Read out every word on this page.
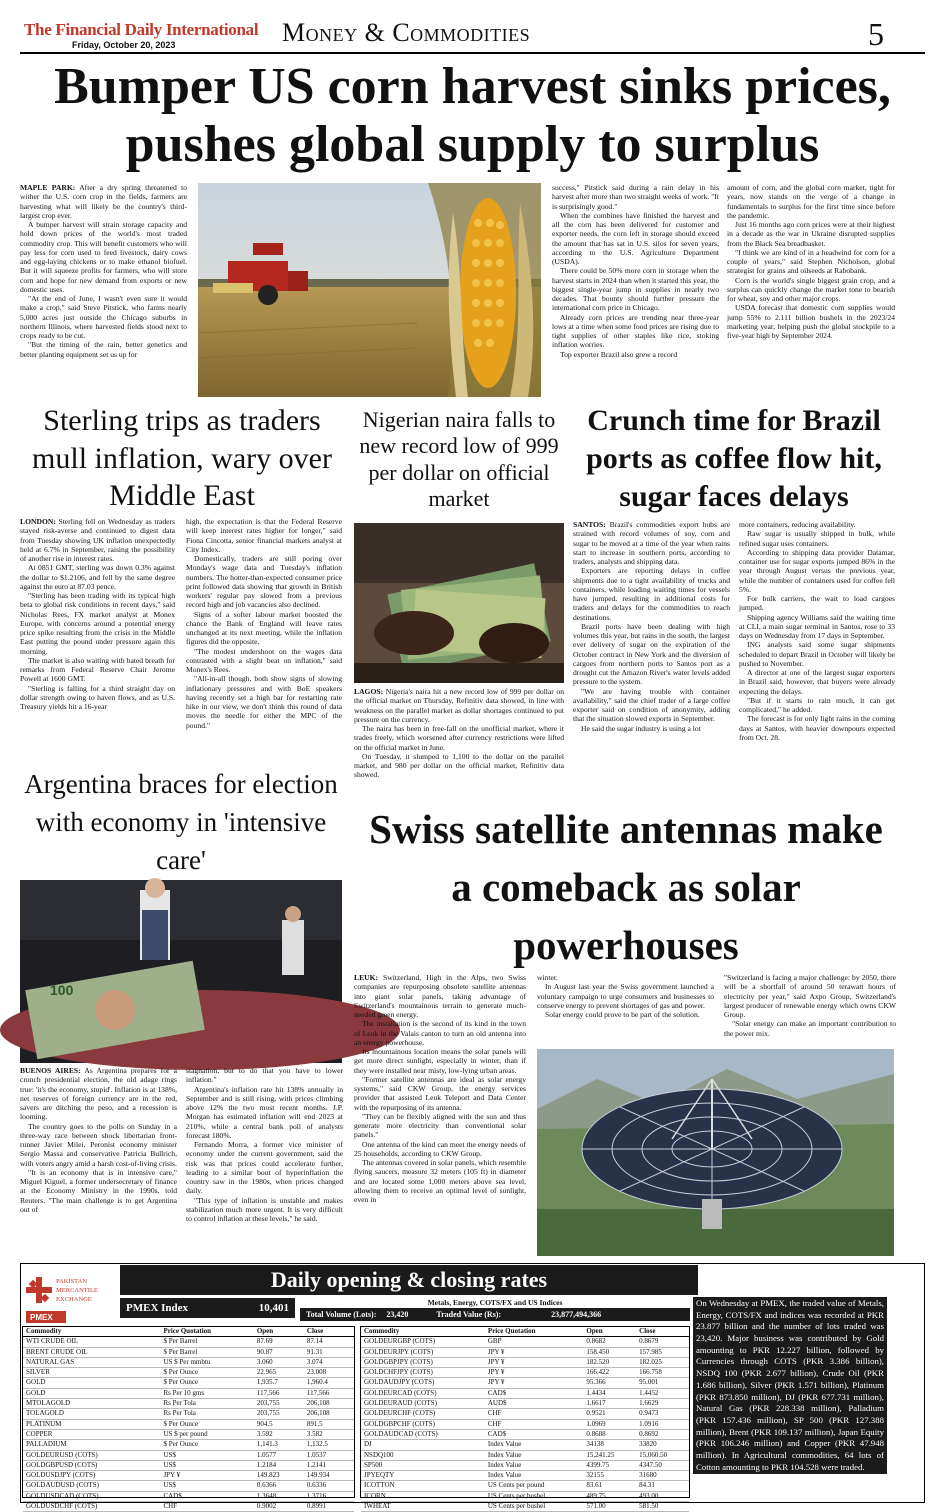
The Financial Daily International
Friday, October 20, 2023	Money & Commodities	5
Bumper US corn harvest sinks prices, pushes global supply to surplus
MAPLE PARK: After a dry spring threatened to wither the U.S. corn crop in the fields, farmers are harvesting what will likely be the country's third-largest crop ever.
A bumper harvest will strain storage capacity and hold down prices of the world's most traded commodity crop. This will benefit customers who will pay less for corn used to feed livestock, dairy cows and egg-laying chickens or to make ethanol biofuel. But it will squeeze profits for farmers, who will store corn and hope for new demand from exports or new domestic uses.
"At the end of June, I wasn't even sure it would make a crop," said Steve Pitstick, who farms nearly 5,000 acres just outside the Chicago suburbs in northern Illinois, where harvested fields stood next to crops ready to be cut.
"But the timing of the rain, better genetics and better planting equipment set us up for
success," Pitstick said during a rain delay in his harvest after more than two straight weeks of work. "It is surprisingly good."
When the combines have finished the harvest and all the corn has been delivered for customer and exporter needs, the corn left in storage should exceed the amount that has sat in U.S. silos for seven years, according to the U.S. Agriculture Department (USDA).
There could be 50% more corn in storage when the harvest starts in 2024 than when it started this year, the biggest single-year jump in supplies in nearly two decades. That bounty should further pressure the international corn price in Chicago.
Already corn prices are trending near three-year lows at a time when some food prices are rising due to tight supplies of other staples like rice, stoking inflation worries.
Top exporter Brazil also grew a record
amount of corn, and the global corn market, tight for years, now stands on the verge of a change in fundamentals to surplus for the first time since before the pandemic.
Just 16 months ago corn prices were at their highest in a decade as the war in Ukraine disrupted supplies from the Black Sea breadbasket.
"I think we are kind of in a headwind for corn for a couple of years," said Stephen Nicholson, global strategist for grains and oilseeds at Rabobank.
Corn is the world's single biggest grain crop, and a surplus can quickly change the market tone to bearish for wheat, soy and other major crops.
USDA forecast that domestic corn supplies would jump 55% to 2.111 billion bushels in the 2023/24 marketing year, helping push the global stockpile to a five-year high by September 2024.
Sterling trips as traders mull inflation, wary over Middle East
LONDON: Sterling fell on Wednesday as traders stayed risk-averse and continued to digest data from Tuesday showing UK inflation unexpectedly held at 6.7% in September, raising the possibility of another rise in interest rates.
At 0851 GMT, sterling was down 0.3% against the dollar to $1.2106, and fell by the same degree against the euro at 87.03 pence.
"Sterling has been trading with its typical high beta to global risk conditions in recent days," said Nicholas Rees, FX market analyst at Monex Europe, with concerns around a potential energy price spike resulting from the crisis in the Middle East putting the pound under pressure again this morning.
The market is also waiting with bated breath for remarks from Federal Reserve Chair Jerome Powell at 1600 GMT.
"Sterling is falling for a third straight day on dollar strength owing to haven flows, and as U.S. Treasury yields hit a 16-year
high, the expectation is that the Federal Reserve will keep interest rates higher for longer," said Fiona Cincotta, senior financial markets analyst at City Index.
Domestically, traders are still poring over Monday's wage data and Tuesday's inflation numbers. The hotter-than-expected consumer price print followed data showing that growth in British workers' regular pay slowed from a previous record high and job vacancies also declined.
Signs of a softer labour market boosted the chance the Bank of England will leave rates unchanged at its next meeting, while the inflation figures did the opposite.
"The modest undershoot on the wages data contrasted with a slight beat on inflation," said Monex's Rees.
"All-in-all though, both show signs of slowing inflationary pressures and with BoE speakers having recently set a high bar for restarting rate hike in our view, we don't think this round of data moves the needle for either the MPC of the pound."
Nigerian naira falls to new record low of 999 per dollar on official market
LAGOS: Nigeria's naira hit a new record low of 999 per dollar on the official market on Thursday, Refinitiv data showed, in line with weakness on the parallel market as dollar shortages continued to put pressure on the currency.
The naira has been in free-fall on the unofficial market, where it trades freely, which worsened after currency restrictions were lifted on the official market in June.
On Tuesday, it slumped to 1,100 to the dollar on the parallel market, and 980 per dollar on the official market, Refinitiv data showed.
Crunch time for Brazil ports as coffee flow hit, sugar faces delays
SANTOS: Brazil's commodities export hubs are strained with record volumes of soy, corn and sugar to be moved at a time of the year when rains start to increase in southern ports, according to traders, analysts and shipping data.
Exporters are reporting delays in coffee shipments due to a tight availability of trucks and containers, while loading waiting times for vessels have jumped, resulting in additional costs for traders and delays for the commodities to reach destinations.
Brazil ports have been dealing with high volumes this year, but rains in the south, the largest ever delivery of sugar on the expiration of the October contract in New York and the diversion of cargoes from northern ports to Santos port as a drought cut the Amazon River's water levels added pressure to the system.
"We are having trouble with container availability," said the chief trader of a large coffee exporter said on condition of anonymity, adding that the situation slowed exports in September.
He said the sugar industry is using a lot
more containers, reducing availability.
Raw sugar is usually shipped in bulk, while refined sugar uses containers.
According to shipping data provider Datamar, container use for sugar exports jumped 86% in the year through August versus the previous year, while the number of containers used for coffee fell 5%.
For bulk carriers, the wait to load cargoes jumped.
Shipping agency Williams said the waiting time at CLI, a main sugar terminal in Santos, rose to 33 days on Wednesday from 17 days in September.
ING analysts said some sugar shipments scheduled to depart Brazil in October will likely be pushed to November.
A director at one of the largest sugar exporters in Brazil said, however, that buyers were already expecting the delays.
"But if it starts to rain much, it can get complicated," he added.
The forecast is for only light rains in the coming days at Santos, with heavier downpours expected from Oct. 28.
Argentina braces for election with economy in 'intensive care'
100
BUENOS AIRES: As Argentina prepares for a crunch presidential election, the old adage rings true: 'it's the economy, stupid'. Inflation is at 138%, net reserves of foreign currency are in the red, savers are ditching the peso, and a recession is looming.
The country goes to the polls on Sunday in a three-way race between shock libertarian front-runner Javier Milei, Peronist economy minister Sergio Massa and conservative Patricia Bullrich, with voters angry amid a harsh cost-of-living crisis.
"It is an economy that is in intensive care," Miguel Kiguel, a former undersecretary of finance at the Economy Ministry in the 1990s, told Reuters. "The main challenge is to get Argentina out of
stagnation, but to do that you have to lower inflation."
Argentina's inflation rate hit 138% annually in September and is still rising, with prices climbing above 12% the two most recent months. J.P. Morgan has estimated inflation will end 2023 at 210%, while a central bank poll of analysts forecast 180%.
Fernando Morra, a former vice minister of economy under the current government, said the risk was that prices could accelerate further, leading to a similar bout of hyperinflation the country saw in the 1980s, when prices changed daily.
"This type of inflation is unstable and makes stabilization much more urgent. It is very difficult to control inflation at these levels," he said.
Swiss satellite antennas make a comeback as solar powerhouses
LEUK: Switzerland, High in the Alps, two Swiss companies are repurposing obsolete satellite antennas into giant solar panels, taking advantage of Switzerland's mountainous terrain to generate much-needed green energy.
The installation is the second of its kind in the town of Leuk in the Valais canton to turn an old antenna into an energy powerhouse.
Its mountainous location means the solar panels will get more direct sunlight, especially in winter, than if they were installed near misty, low-lying urban areas.
"Former satellite antennas are ideal as solar energy systems," said CKW Group, the energy services provider that assisted Leuk Teleport and Data Center with the repurposing of its antenna.
"They can be flexibly aligned with the sun and thus generate more electricity than conventional solar panels."
One antenna of the kind can meet the energy needs of 25 households, according to CKW Group.
The antennas covered in solar panels, which resemble flying saucers, measure 32 meters (105 ft) in diameter and are located some 1,000 meters above sea level, allowing them to receive an optimal level of sunlight, even in
winter.
In August last year the Swiss government launched a voluntary campaign to urge consumers and businesses to conserve energy to prevent shortages of gas and power.
Solar energy could prove to be part of the solution.
"Switzerland is facing a major challenge: by 2050, there will be a shortfall of around 50 terawatt hours of electricity per year," said Axpo Group, Switzerland's largest producer of renewable energy which owns CKW Group.
"Solar energy can make an important contribution to the power mix.
PAKISTAN
MERCANTILE
EXCHANGE
PMEX
Daily opening & closing rates
PMEX Index	10,401	Metals, Energy, COTS/FX and US Indices
Total Volume (Lots): 23,420	Traded Value (Rs):	23,877,494,366
Commodity	Price Quotation	Open	Close
WTI CRUDE OIL	$ Per Barrel	87.69	87.14
BRENT CRUDE OIL	$ Per Barrel	90.87	91.31
NATURAL GAS	US $ Per mmbtu	3.060	3.074
SILVER	$ Per Ounce	22.965	23.008
GOLD	$ Per Ounce	1,935.7	1,960.4
GOLD	Rs Per 10 gms	117,566	117,566
MTOLAGOLD	Rs Per Tola	203,755	206,108
TOLAGOLD	Rs Per Tola	203,755	206,108
PLATINUM	$ Per Ounce	904.5	891.5
COPPER	US $ per pound	3.592	3.582
PALLADIUM	$ Per Ounce	1,141.3	1,132.5
GOLDEURUSD (COTS)	US$	1.0577	1.0537
GOLDGBPUSD (COTS)	US$	1.2184	1.2141
GOLDUSDJPY (COTS)	JPY ¥	149.823	149.934
GOLDAUDUSD (COTS)	US$	0.6366	0.6336
GOLDUSDCAD (COTS)	CAD$	1.3648	1.3716
GOLDUSDCHF (COTS)	CHF	0.9002	0.8991
Commodity	Price Quotation	Open	Close
GOLDEURGBP (COTS)	GBP	0.8682	0.8679
GOLDEURJPY (COTS)	JPY ¥	158.450	157.985
GOLDGBPJPY (COTS)	JPY ¥	182.520	182.025
GOLDCHFJPY (COTS)	JPY ¥	166.422	166.758
GOLDAUDJPY (COTS)	JPY ¥	95.366	95.001
GOLDEURCAD (COTS)	CAD$	1.4434	1.4452
GOLDEURAUD (COTS)	AUD$	1.6617	1.6629
GOLDEURCHF (COTS)	CHF	0.9521	0.9473
GOLDGBPCHF (COTS)	CHF	1.0969	1.0916
GOLDAUDCAD (COTS)	CAD$	0.8688	0.8692
DJ	Index Value	34138	33820
NSDQ100	Index Value	15,241.25	15,060.50
SP500	Index Value	4399.75	4347.50
JPYEQTY	Index Value	32155	31680
ICOTTON	US Cents per pound	83.61	84.31
ICORN	US Cents per bushel	489.75	493.00
IWHEAT	US Cents per bushel	571.00	581.50
On Wednesday at PMEX, the traded value of Metals, Energy, COTS/FX and indices was recorded at PKR 23.877 billion and the number of lots traded was 23,420. Major business was contributed by Gold amounting to PKR 12.227 billion, followed by Currencies through COTS (PKR 3.386 billion), NSDQ 100 (PKR 2.677 billion), Crude Oil (PKR 1.686 billion), Silver (PKR 1.571 billion), Platinum (PKR 873.850 million), DJ (PKR 677.731 million), Natural Gas (PKR 228.338 million), Palladium (PKR 157.436 million), SP 500 (PKR 127.388 million), Brent (PKR 109.137 million), Japan Equity (PKR 106.246 million) and Copper (PKR 47.948 million). In Agricultural commodities, 64 lots of Cotton amounting to PKR 104.528 were traded.
